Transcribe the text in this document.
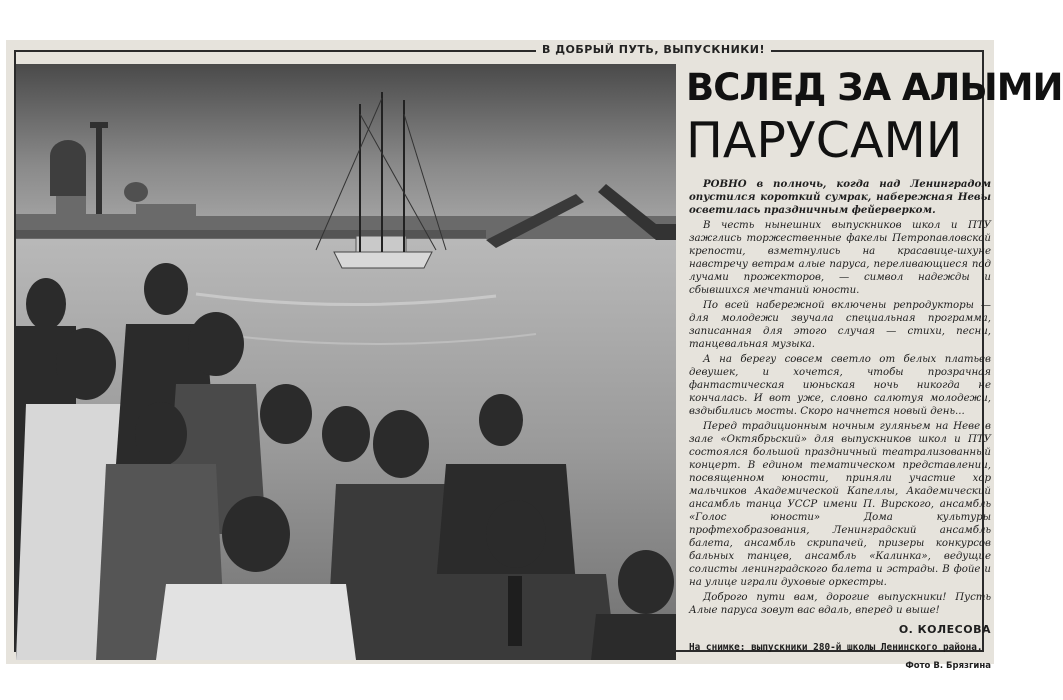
В ДОБРЫЙ ПУТЬ, ВЫПУСКНИКИ!
ВСЛЕД ЗА АЛЫМИ
ПАРУСАМИ

РОВНО в полночь, когда над Ленинградом опустился короткий сумрак, набережная Невы осветилась праздничным фейерверком.

В честь нынешних выпускников школ и ПТУ зажглись торжественные факелы Петропавловской крепости, взметнулись на красавице-шхуне навстречу ветрам алые паруса, переливающиеся под лучами прожекторов, — символ надежды и сбывшихся мечтаний юности.

По всей набережной включены репродукторы — для молодежи звучала специальная программа, записанная для этого случая — стихи, песни, танцевальная музыка.

А на берегу совсем светло от белых платьев девушек, и хочется, чтобы прозрачная фантастическая июньская ночь никогда не кончалась. И вот уже, словно салютуя молодежи, вздыбились мосты. Скоро начнется новый день...

Перед традиционным ночным гуляньем на Неве в зале «Октябрьский» для выпускников школ и ПТУ состоялся большой праздничный театрализованный концерт. В едином тематическом представлении, посвященном юности, приняли участие хор мальчиков Академической Капеллы, Академический ансамбль танца УССР имени П. Вирского, ансамбль «Голос юности» Дома культуры профтехобразования, Ленинградский ансамбль балета, ансамбль скрипачей, призеры конкурсов бальных танцев, ансамбль «Калинка», ведущие солисты ленинградского балета и эстрады. В фойе и на улице играли духовые оркестры.

Доброго пути вам, дорогие выпускники! Пусть Алые паруса зовут вас вдаль, вперед и выше!

О. КОЛЕСОВА
На снимке: выпускники 280-й школы Ленинского района.
Фото В. Брязгина
